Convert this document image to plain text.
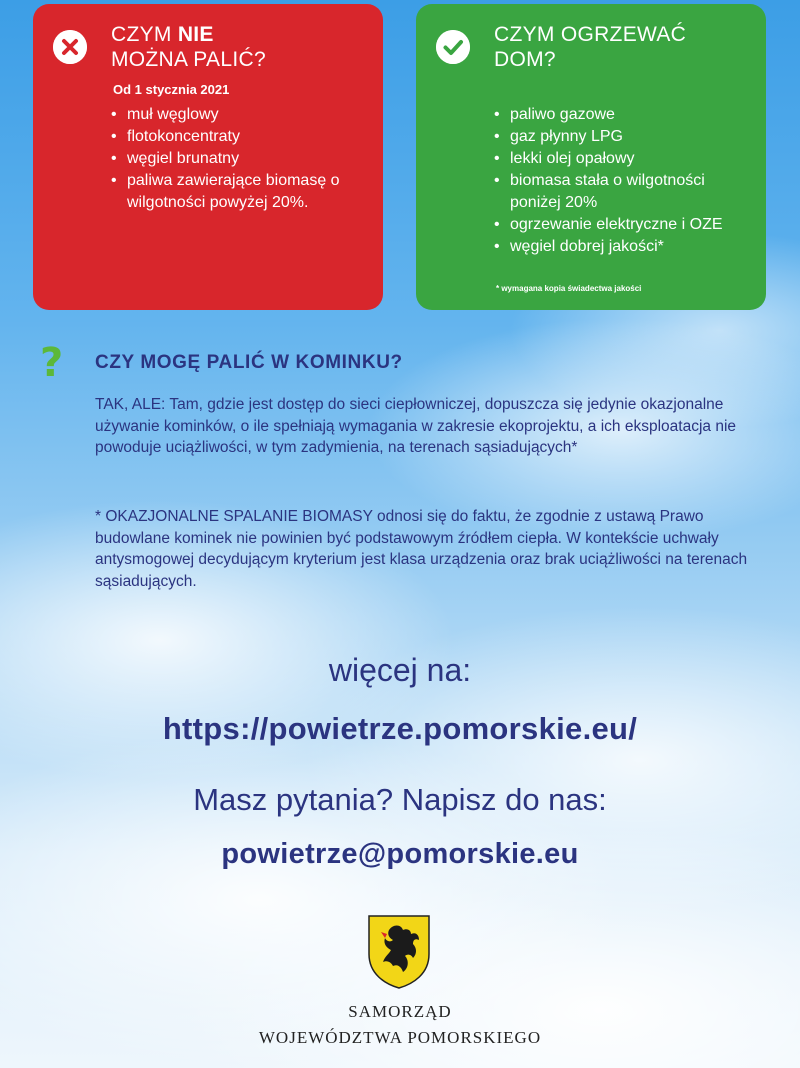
CZYM NIE
MOŻNA PALIĆ?
Od 1 stycznia 2021
• muł węglowy
• flotokoncentraty
• węgiel brunatny
• paliwa zawierające biomasę o wilgotności powyżej 20%.
CZYM OGRZEWAĆ
DOM?
• paliwo gazowe
• gaz płynny LPG
• lekki olej opałowy
• biomasa stała o wilgotności poniżej 20%
• ogrzewanie elektryczne i OZE
• węgiel dobrej jakości*
* wymagana kopia świadectwa jakości
? CZY MOGĘ PALIĆ W KOMINKU?

TAK, ALE: Tam, gdzie jest dostęp do sieci ciepłowniczej, dopuszcza się jedynie okazjonalne używanie kominków, o ile spełniają wymagania w zakresie ekoprojektu, a ich eksploatacja nie powoduje uciążliwości, w tym zadymienia, na terenach sąsiadujących*

* OKAZJONALNE SPALANIE BIOMASY odnosi się do faktu, że zgodnie z ustawą Prawo budowlane kominek nie powinien być podstawowym źródłem ciepła. W kontekście uchwały antysmogowej decydującym kryterium jest klasa urządzenia oraz brak uciążliwości na terenach sąsiadujących.

więcej na:
https://powietrze.pomorskie.eu/
Masz pytania? Napisz do nas:
powietrze@pomorskie.eu
SAMORZĄD
WOJEWÓDZTWA POMORSKIEGO
